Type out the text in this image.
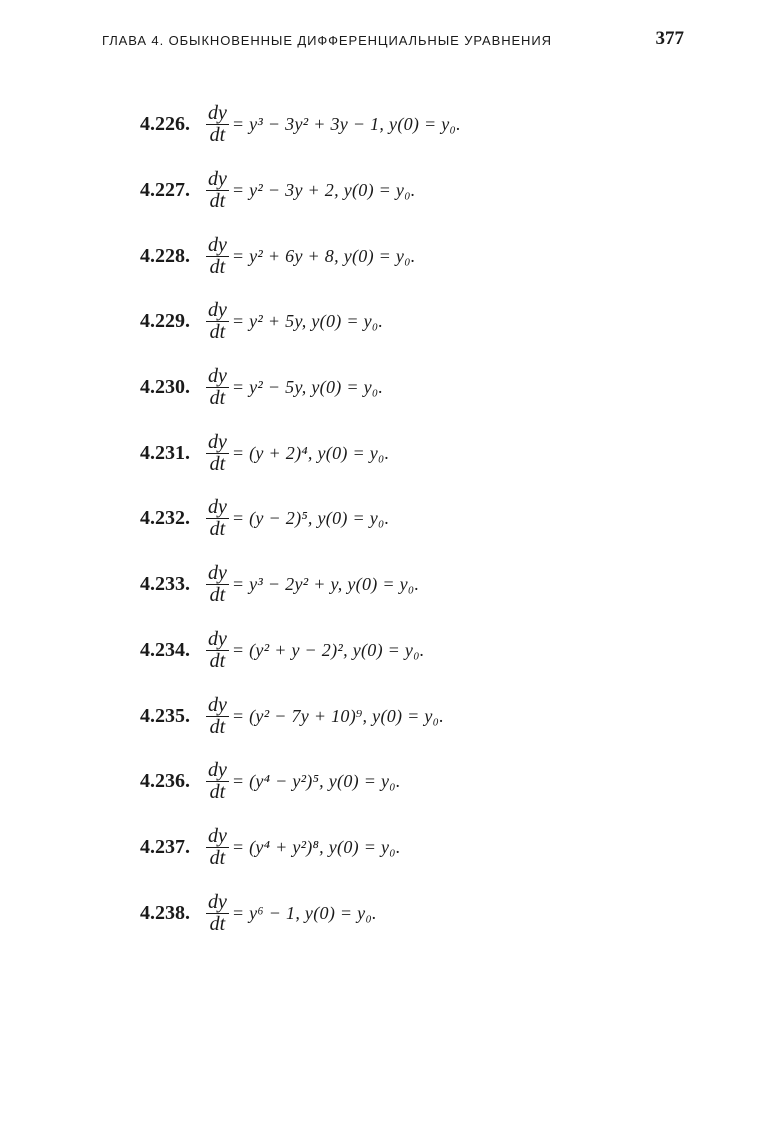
ГЛАВА 4. ОБЫКНОВЕННЫЕ ДИФФЕРЕНЦИАЛЬНЫЕ УРАВНЕНИЯ	377
4.226. $\frac{dy}{dt} = y^3 - 3y^2 + 3y - 1$, y(0) = y₀.
4.227. $\frac{dy}{dt} = y^2 - 3y + 2$, y(0) = y₀.
4.228. $\frac{dy}{dt} = y^2 + 6y + 8$, y(0) = y₀.
4.229. $\frac{dy}{dt} = y^2 + 5y$, y(0) = y₀.
4.230. $\frac{dy}{dt} = y^2 - 5y$, y(0) = y₀.
4.231. $\frac{dy}{dt} = (y + 2)^4$, y(0) = y₀.
4.232. $\frac{dy}{dt} = (y - 2)^5$, y(0) = y₀.
4.233. $\frac{dy}{dt} = y^3 - 2y^2 + y$, y(0) = y₀.
4.234. $\frac{dy}{dt} = (y^2 + y - 2)^2$, y(0) = y₀.
4.235. $\frac{dy}{dt} = (y^2 - 7y + 10)^9$, y(0) = y₀.
4.236. $\frac{dy}{dt} = (y^4 - y^2)^5$, y(0) = y₀.
4.237. $\frac{dy}{dt} = (y^4 + y^2)^8$, y(0) = y₀.
4.238. $\frac{dy}{dt} = y^6 - 1$, y(0) = y₀.
